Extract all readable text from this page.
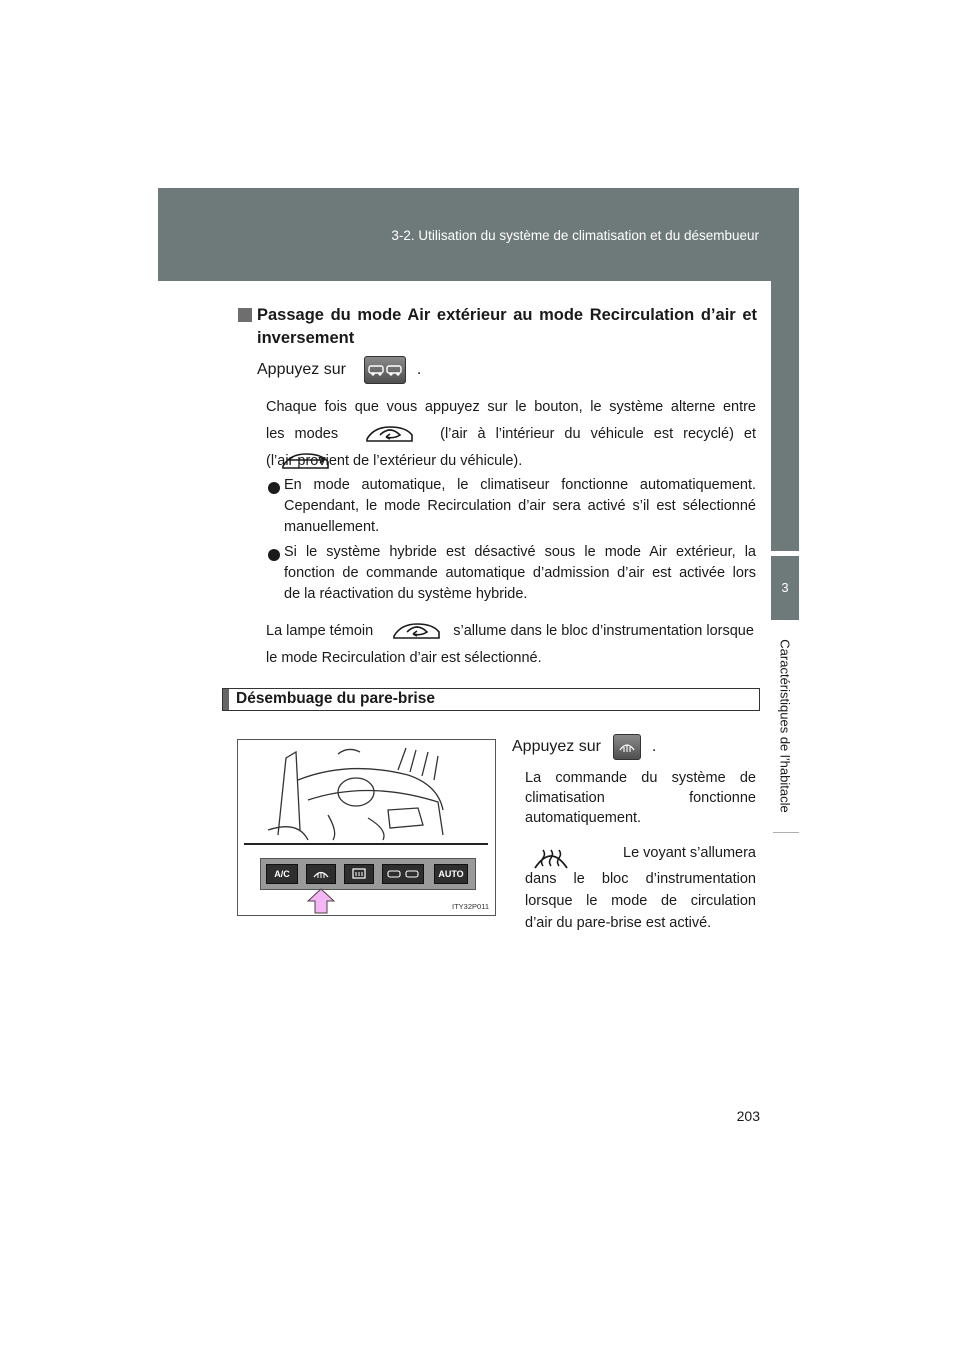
3-2. Utilisation du système de climatisation et du désembueur
3
Caractéristiques de l’habitacle
Passage du mode Air extérieur au mode Recirculation d’air et
inversement
Appuyez sur	.
Chaque fois que vous appuyez sur le bouton, le système alterne entre
les modes	(l’air à l’intérieur du véhicule est recyclé) et
(l’air provient de l’extérieur du véhicule).
En mode automatique, le climatiseur fonctionne automatiquement.
Cependant, le mode Recirculation d’air sera activé s’il est sélectionné
manuellement.
Si le système hybride est désactivé sous le mode Air extérieur, la
fonction de commande automatique d’admission d’air est activée lors
de la réactivation du système hybride.
La lampe témoin	s’allume dans le bloc d’instrumentation lorsque
le mode Recirculation d’air est sélectionné.
Désembuage du pare-brise
A/C	AUTO
ITY32P011
Appuyez sur	.
La commande du système de
climatisation	fonctionne
automatiquement.
Le voyant s’allumera
dans le bloc d’instrumentation
lorsque le mode de circulation
d’air du pare-brise est activé.
203
